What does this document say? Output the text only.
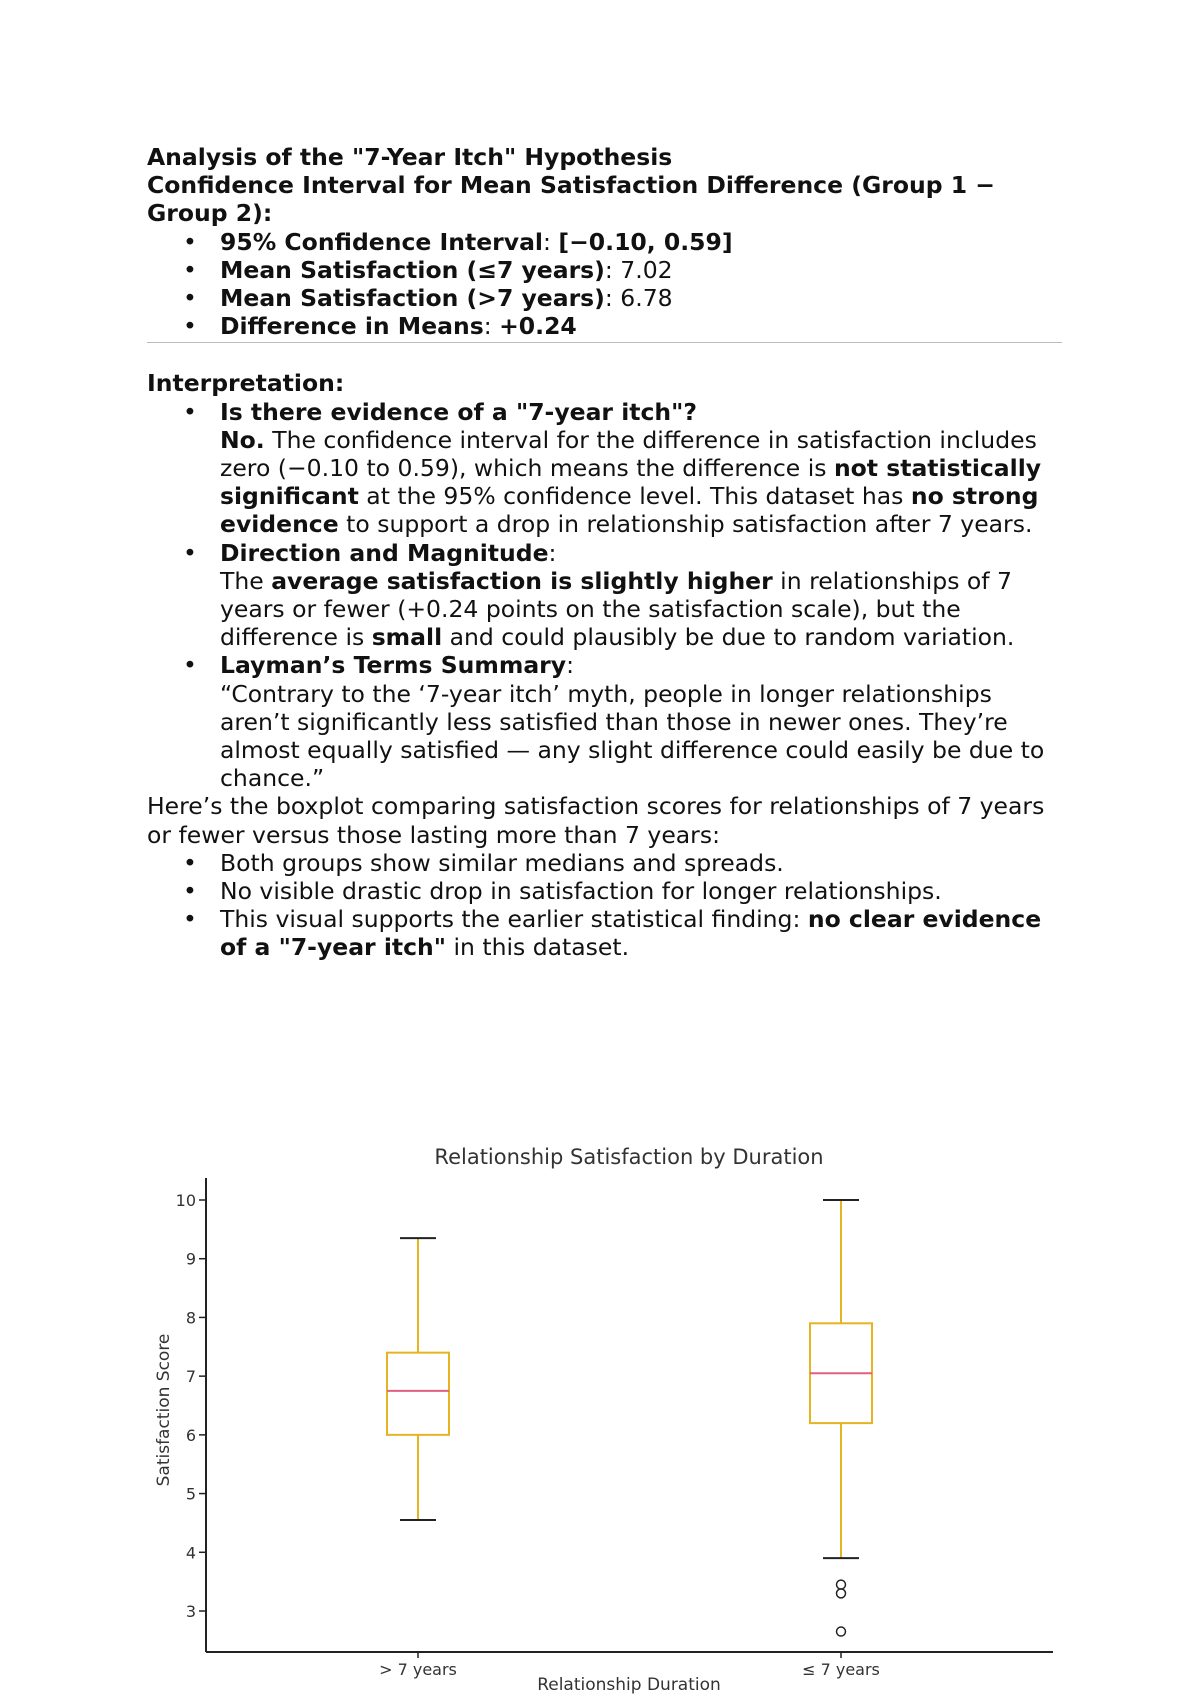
Analysis of the "7-Year Itch" Hypothesis

Confidence Interval for Mean Satisfaction Difference (Group 1 − Group 2):

• 95% Confidence Interval: [−0.10, 0.59]
• Mean Satisfaction (≤7 years): 7.02
• Mean Satisfaction (>7 years): 6.78
• Difference in Means: +0.24

Interpretation:

• Is there evidence of a "7-year itch"?
No. The confidence interval for the difference in satisfaction includes zero (−0.10 to 0.59), which means the difference is not statistically significant at the 95% confidence level. This dataset has no strong evidence to support a drop in relationship satisfaction after 7 years.
• Direction and Magnitude:
The average satisfaction is slightly higher in relationships of 7 years or fewer (+0.24 points on the satisfaction scale), but the difference is small and could plausibly be due to random variation.
• Layman’s Terms Summary:
“Contrary to the ‘7-year itch’ myth, people in longer relationships aren’t significantly less satisfied than those in newer ones. They’re almost equally satisfied — any slight difference could easily be due to chance.”

Here’s the boxplot comparing satisfaction scores for relationships of 7 years or fewer versus those lasting more than 7 years:

• Both groups show similar medians and spreads.
• No visible drastic drop in satisfaction for longer relationships.
• This visual supports the earlier statistical finding: no clear evidence of a "7-year itch" in this dataset.
Relationship Satisfaction by Duration
Satisfaction Score
Relationship Duration
3
4
5
6
7
8
9
10
> 7 years	≤ 7 years
